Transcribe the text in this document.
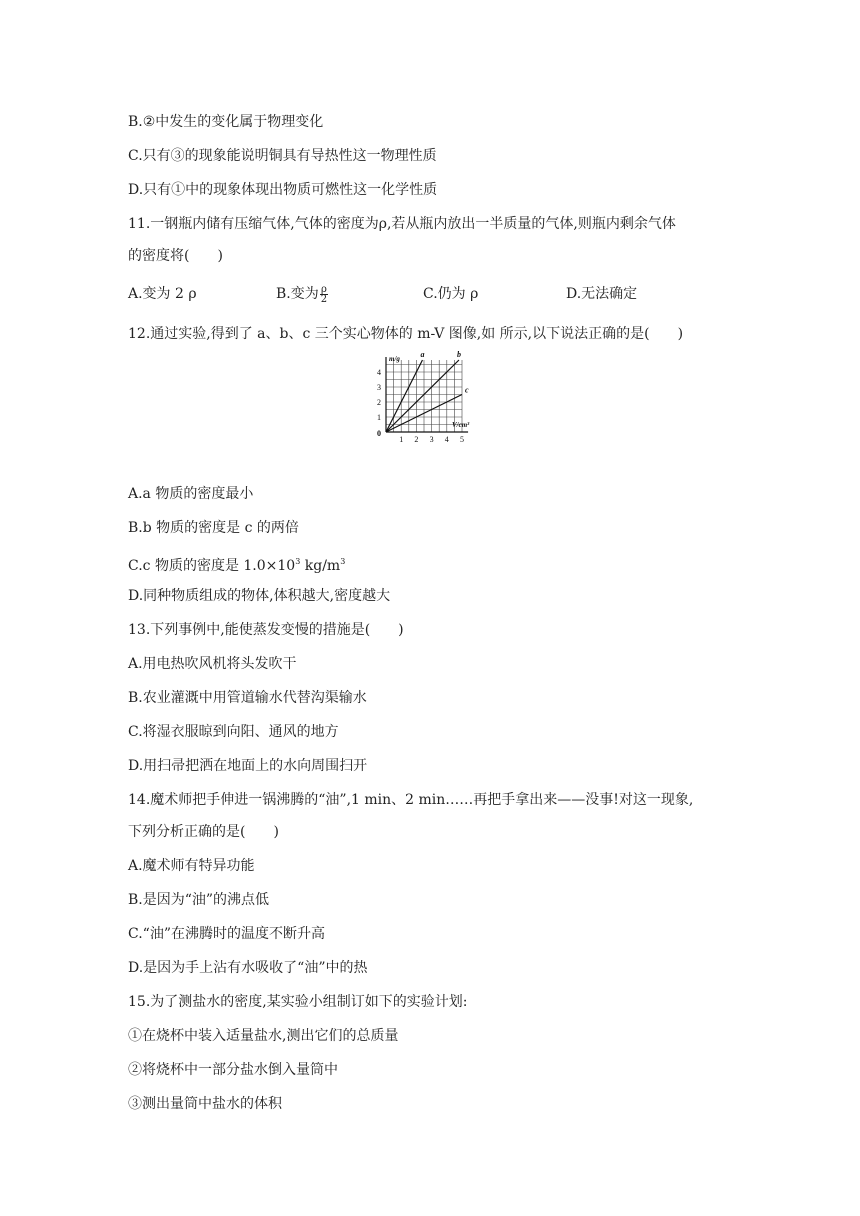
B.②中发生的变化属于物理变化
C.只有③的现象能说明铜具有导热性这一物理性质
D.只有①中的现象体现出物质可燃性这一化学性质
11.一钢瓶内储有压缩气体,气体的密度为ρ,若从瓶内放出一半质量的气体,则瓶内剩余气体
的密度将(　　)
A.变为 2 ρ	B.变为 $\frac{\rho}{2}$	C.仍为 ρ	D.无法确定
12.通过实验,得到了 a、b、c 三个实心物体的 m-V 图像,如 所示,以下说法正确的是(　　)
1 2 3 4 5
1
2
3
4
0
m/g
V/cm³
a	b
c
A.a 物质的密度最小
B.b 物质的密度是 c 的两倍
C.c 物质的密度是 $1.0\times 10^3$ $kg/m^3$
D.同种物质组成的物体,体积越大,密度越大
13.下列事例中,能使蒸发变慢的措施是(　　)
A.用电热吹风机将头发吹干
B.农业灌溉中用管道输水代替沟渠输水
C.将湿衣服晾到向阳、通风的地方
D.用扫帚把洒在地面上的水向周围扫开
14.魔术师把手伸进一锅沸腾的“油”,1 min、2 min……再把手拿出来——没事!对这一现象,
下列分析正确的是(　　)
A.魔术师有特异功能
B.是因为“油”的沸点低
C.“油”在沸腾时的温度不断升高
D.是因为手上沾有水吸收了“油”中的热
15.为了测盐水的密度,某实验小组制订如下的实验计划:
①在烧杯中装入适量盐水,测出它们的总质量
②将烧杯中一部分盐水倒入量筒中
③测出量筒中盐水的体积
